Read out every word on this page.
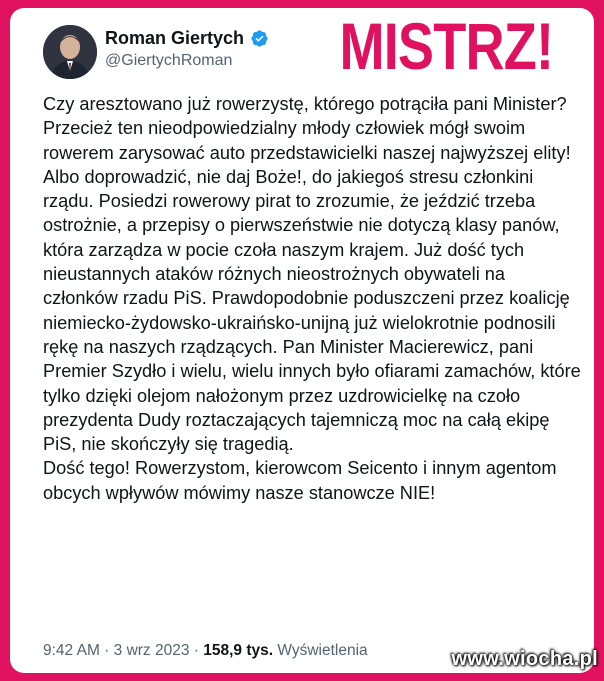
Roman Giertych
@GiertychRoman MISTRZ!

Czy aresztowano już rowerzystę, którego potrąciła pani Minister? Przecież ten nieodpowiedzialny młody człowiek mógł swoim rowerem zarysować auto przedstawicielki naszej najwyższej elity! Albo doprowadzić, nie daj Boże!, do jakiegoś stresu członkini rządu. Posiedzi rowerowy pirat to zrozumie, że jeździć trzeba ostrożnie, a przepisy o pierwszeństwie nie dotyczą klasy panów, która zarządza w pocie czoła naszym krajem. Już dość tych nieustannych ataków różnych nieostrożnych obywateli na członków rzadu PiS. Prawdopodobnie poduszczeni przez koalicję niemiecko-żydowsko-ukraińsko-unijną już wielokrotnie podnosili rękę na naszych rządzących. Pan Minister Macierewicz, pani Premier Szydło i wielu, wielu innych było ofiarami zamachów, które tylko dzięki olejom nałożonym przez uzdrowicielkę na czoło prezydenta Dudy roztaczających tajemniczą moc na całą ekipę PiS, nie skończyły się tragedią.

Dość tego! Rowerzystom, kierowcom Seicento i innym agentom obcych wpływów mówimy nasze stanowcze NIE!

9:42 AM · 3 wrz 2023 · 158,9 tys. Wyświetlenia	www.wiocha.pl
